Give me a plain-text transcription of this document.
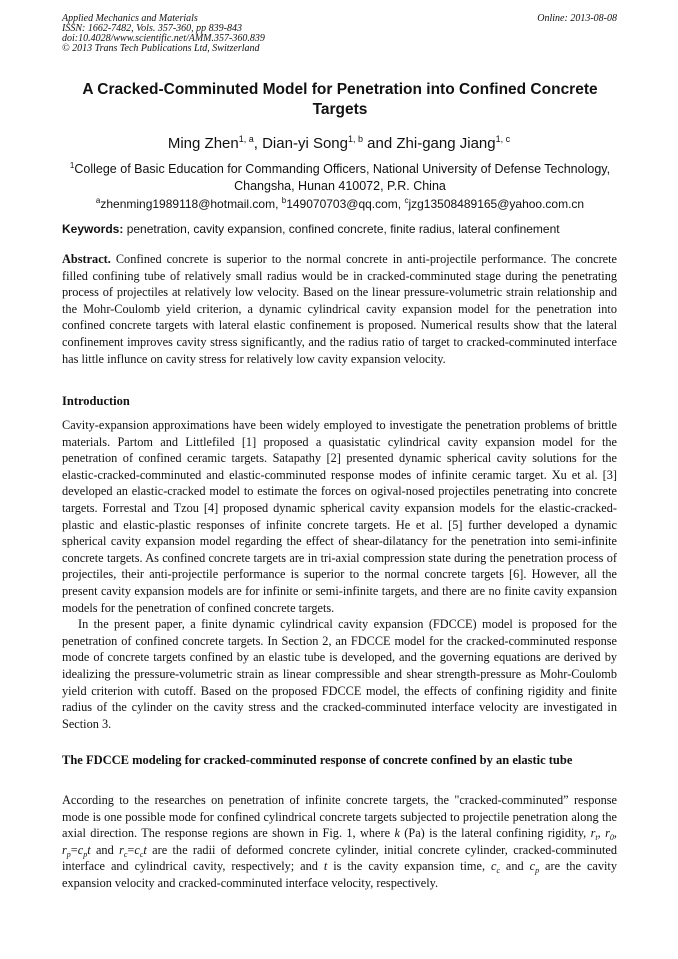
Applied Mechanics and Materials
ISSN: 1662-7482, Vols. 357-360, pp 839-843
doi:10.4028/www.scientific.net/AMM.357-360.839
© 2013 Trans Tech Publications Ltd, Switzerland
Online: 2013-08-08
A Cracked-Comminuted Model for Penetration into Confined Concrete Targets
Ming Zhen$^{1, a}$, Dian-yi Song$^{1, b}$ and Zhi-gang Jiang$^{1, c}$
$^1$College of Basic Education for Commanding Officers, National University of Defense Technology,
Changsha, Hunan 410072, P.R. China
$^a$zhenming1989118@hotmail.com, $^b$149070703@qq.com, $^c$jzg13508489165@yahoo.com.cn
Keywords: penetration, cavity expansion, confined concrete, finite radius, lateral confinement
Abstract. Confined concrete is superior to the normal concrete in anti-projectile performance. The concrete filled confining tube of relatively small radius would be in cracked-comminuted stage during the penetrating process of projectiles at relatively low velocity. Based on the linear pressure-volumetric strain relationship and the Mohr-Coulomb yield criterion, a dynamic cylindrical cavity expansion model for the penetration into confined concrete targets with lateral elastic confinement is proposed. Numerical results show that the lateral confinement improves cavity stress significantly, and the radius ratio of target to cracked-comminuted interface has little influnce on cavity stress for relatively low cavity expansion velocity.
Introduction

Cavity-expansion approximations have been widely employed to investigate the penetration problems of brittle materials. Partom and Littlefiled [1] proposed a quasistatic cylindrical cavity expansion model for the penetration of confined ceramic targets. Satapathy [2] presented dynamic spherical cavity solutions for the elastic-cracked-comminuted and elastic-comminuted response modes of infinite ceramic target. Xu et al. [3] developed an elastic-cracked model to estimate the forces on ogival-nosed projectiles penetrating into concrete targets. Forrestal and Tzou [4] proposed dynamic spherical cavity expansion models for the elastic-cracked-plastic and elastic-plastic responses of infinite concrete targets. He et al. [5] further developed a dynamic spherical cavity expansion model regarding the effect of shear-dilatancy for the penetration into semi-infinite concrete targets. As confined concrete targets are in tri-axial compression state during the penetration process of projectiles, their anti-projectile performance is superior to the normal concrete targets [6]. However, all the present cavity expansion models are for infinite or semi-infinite targets, and there are no finite cavity expansion models for the penetration of confined concrete targets.

In the present paper, a finite dynamic cylindrical cavity expansion (FDCCE) model is proposed for the penetration of confined concrete targets. In Section 2, an FDCCE model for the cracked-comminuted response mode of concrete targets confined by an elastic tube is developed, and the governing equations are derived by idealizing the pressure-volumetric strain as linear compressible and shear strength-pressure as Mohr-Coulomb yield criterion with cutoff. Based on the proposed FDCCE model, the effects of confining rigidity and finite radius of the cylinder on the cavity stress and the cracked-comminuted interface velocity are investigated in Section 3.

The FDCCE modeling for cracked-comminuted response of concrete confined by an elastic tube

According to the researches on penetration of infinite concrete targets, the "cracked-comminuted” response mode is one possible mode for confined cylindrical concrete targets subjected to projectile penetration along the axial direction. The response regions are shown in Fig. 1, where k (Pa) is the lateral confining rigidity, $r_t$, $r_0$, $r_p=c_pt$ and $r_c=c_ct$ are the radii of deformed concrete cylinder, initial concrete cylinder, cracked-comminuted interface and cylindrical cavity, respectively; and t is the cavity expansion time, $c_c$ and $c_p$ are the cavity expansion velocity and cracked-comminuted interface velocity, respectively.
